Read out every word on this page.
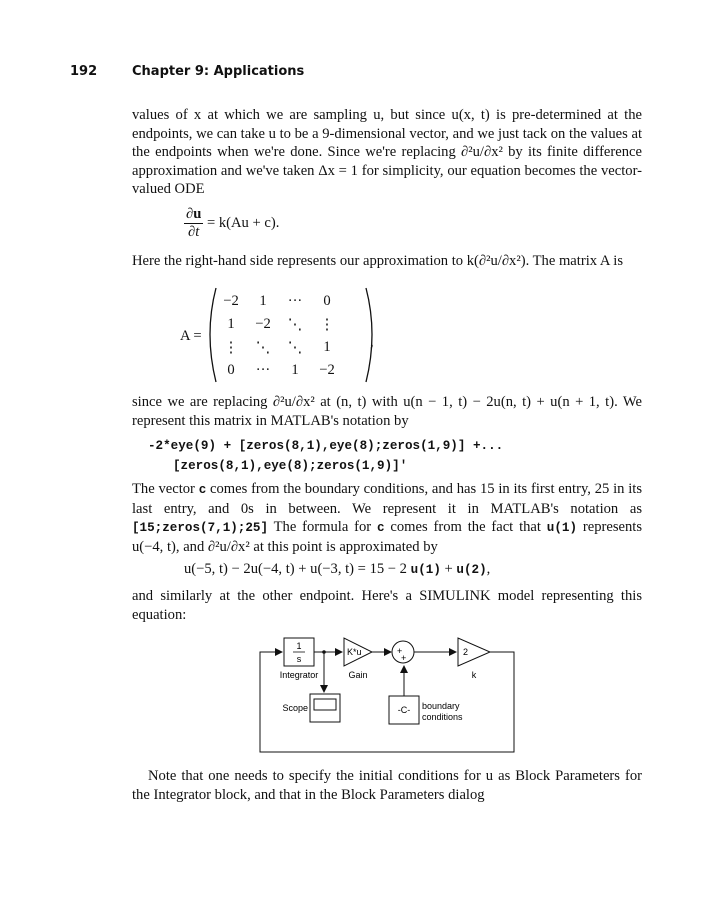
192	Chapter 9: Applications

values of x at which we are sampling u, but since u(x, t) is pre-determined at the endpoints, we can take u to be a 9-dimensional vector, and we just tack on the values at the endpoints when we're done. Since we're replacing ∂²u/∂x² by its finite difference approximation and we've taken Δx = 1 for simplicity, our equation becomes the vector-valued ODE

$\frac{\partial u}{\partial t} = k(Au + c)$.

Here the right-hand side represents our approximation to k(∂²u/∂x²). The matrix A is

A =
−2	1	···	0
1	−2	⋱	⋮
⋮	⋱	⋱	1
0	···	1	−2
,

since we are replacing ∂²u/∂x² at (n, t) with u(n − 1, t) − 2u(n, t) + u(n + 1, t). We represent this matrix in MATLAB's notation by

-2*eye(9) + [zeros(8,1),eye(8);zeros(1,9)] +...
[zeros(8,1),eye(8);zeros(1,9)]'

The vector c comes from the boundary conditions, and has 15 in its first entry, 25 in its last entry, and 0s in between. We represent it in MATLAB's notation as [15;zeros(7,1);25] The formula for c comes from the fact that u(1) represents u(−4, t), and ∂²u/∂x² at this point is approximated by

u(−5, t) − 2u(−4, t) + u(−3, t) = 15 − 2 u(1) + u(2),

and similarly at the other endpoint. Here's a SIMULINK model representing this equation:

1
s
Integrator
K*u
Gain
+
+
2
k
Scope	-C- boundary
conditions

Note that one needs to specify the initial conditions for u as Block Parameters for the Integrator block, and that in the Block Parameters dialog
